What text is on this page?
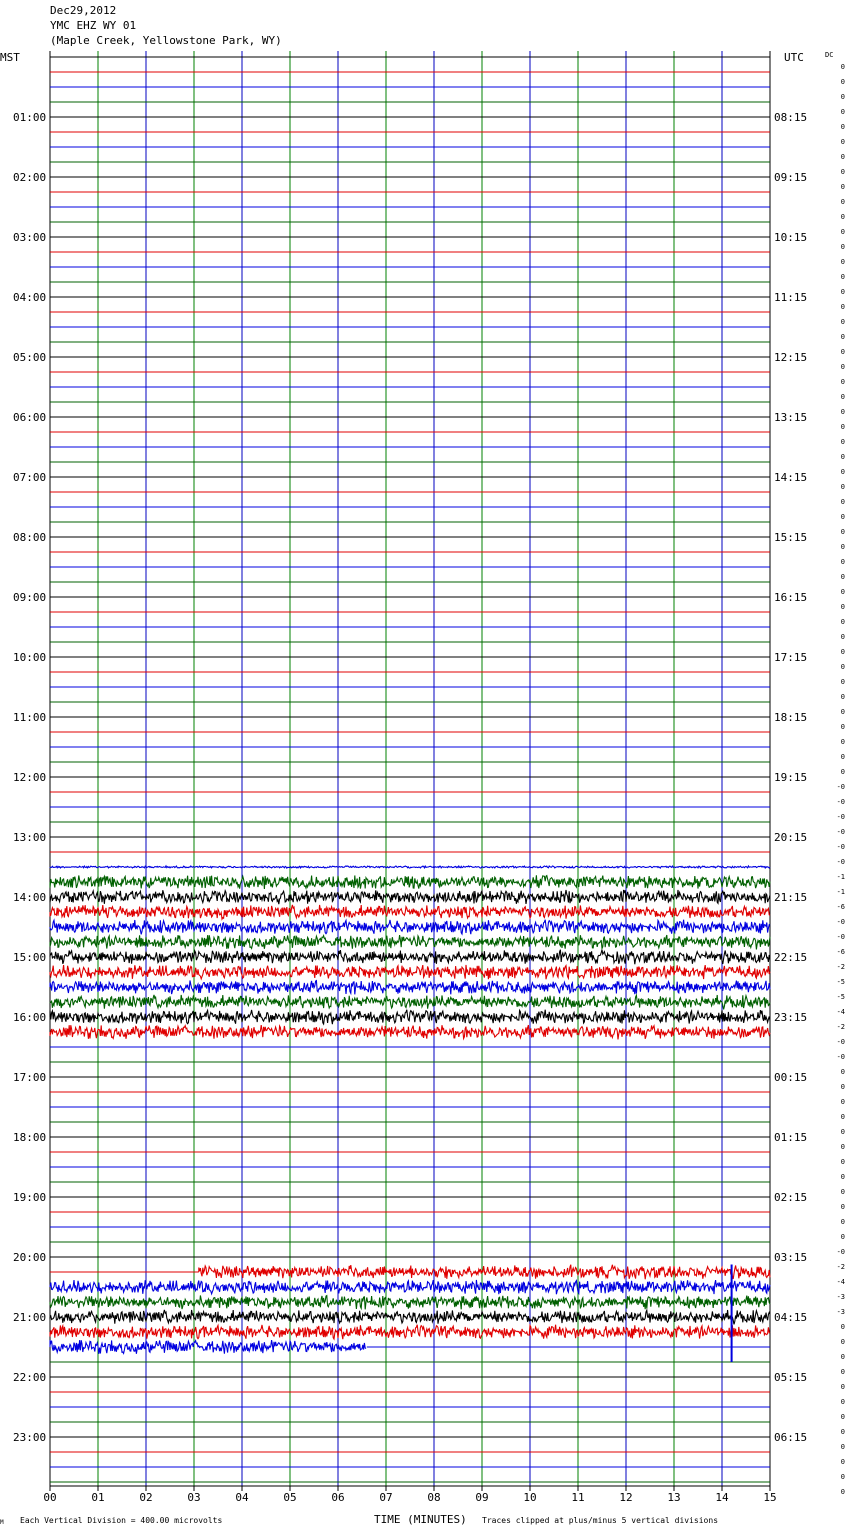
Dec29,2012
YMC EHZ WY 01
(Maple Creek, Yellowstone Park, WY)
01:00
02:00
03:00
04:00
05:00
06:00
07:00
08:00
09:00
10:00
11:00
12:00
13:00
14:00
15:00
16:00
17:00
18:00
19:00
20:00
21:00
22:00
23:00
08:15
09:15
10:15
11:15
12:15
13:15
14:15
15:15
16:15
17:15
18:15
19:15
20:15
21:15
22:15
23:15
00:15
01:15
02:15
03:15
04:15
05:15
06:15
0
0
0
0
0
0
0
0
0
0
0
0
0
0
0
0
0
0
0
0
0
0
0
0
0
0
0
0
0
0
0
0
0
0
0
0
0
0
0
0
0
0
0
0
0
0
0
0
-0
-0
-0
-0
-0
-0
-1
-1
-6
-0
-0
-6
-2
-5
-5
-4
-2
-0
-0
0
0
0
0
0
0
0
0
0
0
0
0
-0
-2
-4
-3
-3
0
0
0
0
0
0
0
0
0
0
0
0
00	01	02	03	04	05	06	07	08	09	10	11	12	13	14	15
MST	UTC	DC
M Each Vertical Division = 400.00 microvolts	TIME (MINUTES) Traces clipped at plus/minus 5 vertical divisions
